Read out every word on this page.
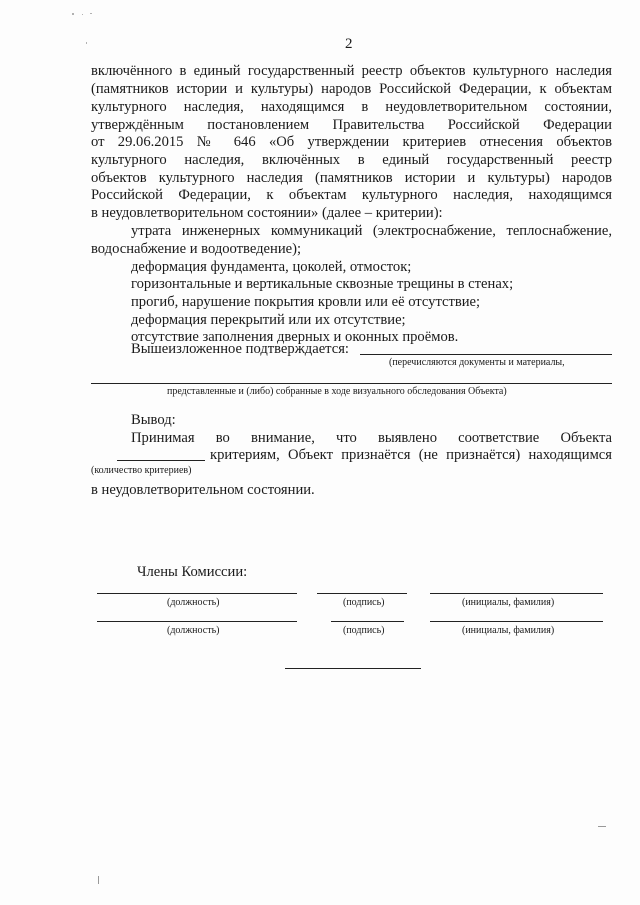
2
включённого в единый государственный реестр объектов культурного наследия
(памятников истории и культуры) народов Российской Федерации, к объектам
культурного наследия, находящимся в неудовлетворительном состоянии,
утверждённым постановлением Правительства Российской Федерации
от 29.06.2015 № 646 «Об утверждении критериев отнесения объектов
культурного наследия, включённых в единый государственный реестр
объектов культурного наследия (памятников истории и культуры) народов
Российской Федерации, к объектам культурного наследия, находящимся
в неудовлетворительном состоянии» (далее – критерии):
утрата инженерных коммуникаций (электроснабжение, теплоснабжение,
водоснабжение и водоотведение);
деформация фундамента, цоколей, отмосток;
горизонтальные и вертикальные сквозные трещины в стенах;
прогиб, нарушение покрытия кровли или её отсутствие;
деформация перекрытий или их отсутствие;
отсутствие заполнения дверных и оконных проёмов.
Вышеизложенное подтверждается:
(перечисляются документы и материалы,
представленные и (либо) собранные в ходе визуального обследования Объекта)
Вывод:
Принимая во внимание, что выявлено соответствие Объекта
критериям, Объект признаётся (не признаётся) находящимся
(количество критериев)
в неудовлетворительном состоянии.
Члены Комиссии:
(должность)	(подпись)	(инициалы, фамилия)
(должность)	(подпись)	(инициалы, фамилия)
